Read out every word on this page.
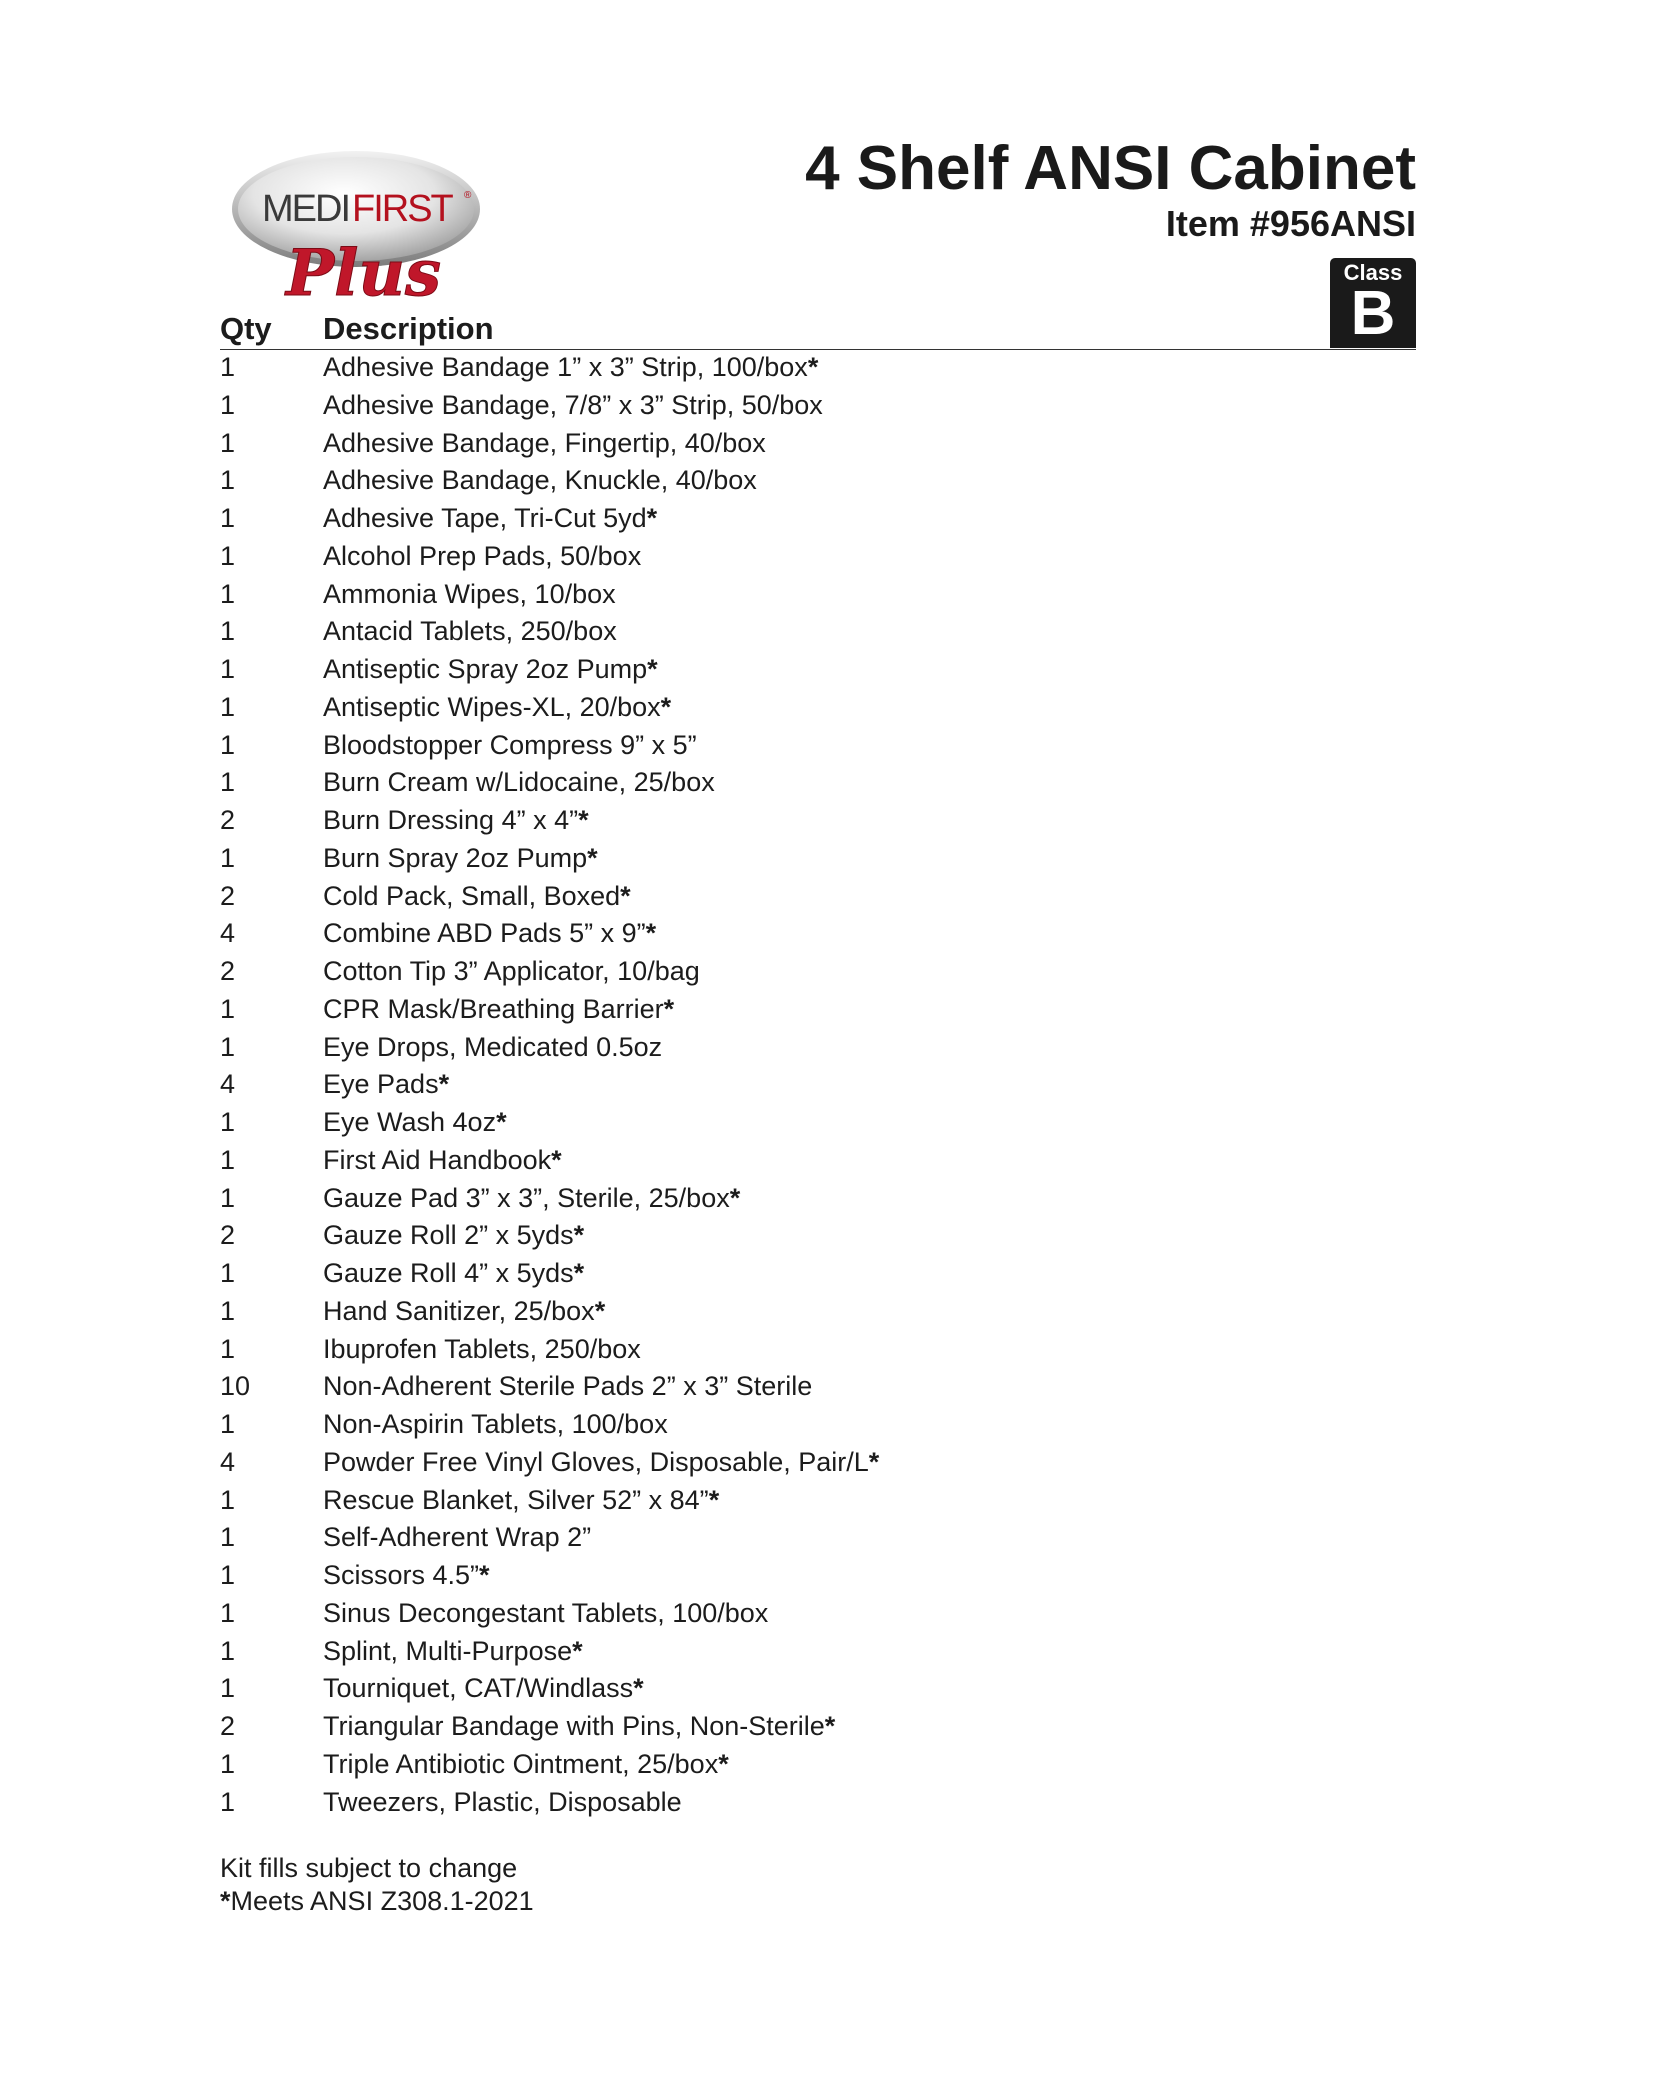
MEDI FIRST ®
Plus
4 Shelf ANSI Cabinet
Item #956ANSI
Class
B
Qty Description
1	Adhesive Bandage 1” x 3” Strip, 100/box*
1	Adhesive Bandage, 7/8” x 3” Strip, 50/box
1	Adhesive Bandage, Fingertip, 40/box
1	Adhesive Bandage, Knuckle, 40/box
1	Adhesive Tape, Tri-Cut 5yd*
1	Alcohol Prep Pads, 50/box
1	Ammonia Wipes, 10/box
1	Antacid Tablets, 250/box
1	Antiseptic Spray 2oz Pump*
1	Antiseptic Wipes-XL, 20/box*
1	Bloodstopper Compress 9” x 5”
1	Burn Cream w/Lidocaine, 25/box
2	Burn Dressing 4” x 4”*
1	Burn Spray 2oz Pump*
2	Cold Pack, Small, Boxed*
4	Combine ABD Pads 5” x 9”*
2	Cotton Tip 3” Applicator, 10/bag
1	CPR Mask/Breathing Barrier*
1	Eye Drops, Medicated 0.5oz
4	Eye Pads*
1	Eye Wash 4oz*
1	First Aid Handbook*
1	Gauze Pad 3” x 3”, Sterile, 25/box*
2	Gauze Roll 2” x 5yds*
1	Gauze Roll 4” x 5yds*
1	Hand Sanitizer, 25/box*
1	Ibuprofen Tablets, 250/box
10	Non-Adherent Sterile Pads 2” x 3” Sterile
1	Non-Aspirin Tablets, 100/box
4	Powder Free Vinyl Gloves, Disposable, Pair/L*
1	Rescue Blanket, Silver 52” x 84”*
1	Self-Adherent Wrap 2”
1	Scissors 4.5”*
1	Sinus Decongestant Tablets, 100/box
1	Splint, Multi-Purpose*
1	Tourniquet, CAT/Windlass*
2	Triangular Bandage with Pins, Non-Sterile*
1	Triple Antibiotic Ointment, 25/box*
1	Tweezers, Plastic, Disposable
Kit fills subject to change
*Meets ANSI Z308.1-2021
